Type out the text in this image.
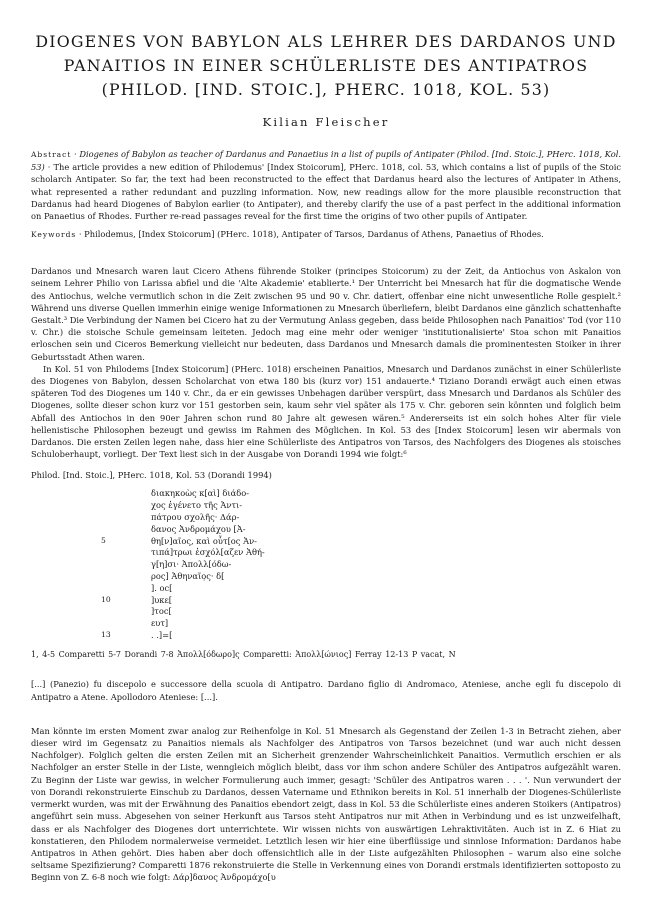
DIOGENES VON BABYLON ALS LEHRER DES DARDANOS UND PANAITIOS IN EINER SCHÜLERLISTE DES ANTIPATROS (PHILOD. [IND. STOIC.], PHERC. 1018, KOL. 53)
Kilian Fleischer
Abstract · Diogenes of Babylon as teacher of Dardanus and Panaetius in a list of pupils of Antipater (Philod. [Ind. Stoic.], PHerc. 1018, Kol. 53) · The article provides a new edition of Philodemus' [Index Stoicorum], PHerc. 1018, col. 53, which contains a list of pupils of the Stoic scholarch Antipater. So far, the text had been reconstructed to the effect that Dardanus heard also the lectures of Antipater in Athens, what represented a rather redundant and puzzling information. Now, new readings allow for the more plausible reconstruction that Dardanus had heard Diogenes of Babylon earlier (to Antipater), and thereby clarify the use of a past perfect in the additional information on Panaetius of Rhodes. Further re-read passages reveal for the first time the origins of two other pupils of Antipater.
Keywords · Philodemus, [Index Stoicorum] (PHerc. 1018), Antipater of Tarsos, Dardanus of Athens, Panaetius of Rhodes.

Dardanos und Mnesarch waren laut Cicero Athens führende Stoiker (principes Stoicorum) zu der Zeit, da Antiochus von Askalon von seinem Lehrer Philio von Larissa abfiel und die 'Alte Akademie' etablierte.¹ Der Unterricht bei Mnesarch hat für die dogmatische Wende des Antiochus, welche vermutlich schon in die Zeit zwischen 95 und 90 v. Chr. datiert, offenbar eine nicht unwesentliche Rolle gespielt.² Während uns diverse Quellen immerhin einige wenige Informationen zu Mnesarch überliefern, bleibt Dardanos eine gänzlich schattenhafte Gestalt.³ Die Verbindung der Namen bei Cicero hat zu der Vermutung Anlass gegeben, dass beide Philosophen nach Panaitios' Tod (vor 110 v. Chr.) die stoische Schule gemeinsam leiteten. Jedoch mag eine mehr oder weniger 'institutionalisierte' Stoa schon mit Panaitios erloschen sein und Ciceros Bemerkung vielleicht nur bedeuten, dass Dardanos und Mnesarch damals die prominentesten Stoiker in ihrer Geburtsstadt Athen waren.

In Kol. 51 von Philodems [Index Stoicorum] (PHerc. 1018) erscheinen Panaitios, Mnesarch und Dardanos zunächst in einer Schülerliste des Diogenes von Babylon, dessen Scholarchat von etwa 180 bis (kurz vor) 151 andauerte.⁴ Tiziano Dorandi erwägt auch einen etwas späteren Tod des Diogenes um 140 v. Chr., da er ein gewisses Unbehagen darüber verspürt, dass Mnesarch und Dardanos als Schüler des Diogenes, sollte dieser schon kurz vor 151 gestorben sein, kaum sehr viel später als 175 v. Chr. geboren sein könnten und folglich beim Abfall des Antiochos in den 90er Jahren schon rund 80 Jahre alt gewesen wären.⁵ Andererseits ist ein solch hohes Alter für viele hellenistische Philosophen bezeugt und gewiss im Rahmen des Möglichen. In Kol. 53 des [Index Stoicorum] lesen wir abermals von Dardanos. Die ersten Zeilen legen nahe, dass hier eine Schülerliste des Antipatros von Tarsos, des Nachfolgers des Diogenes als stoisches Schuloberhaupt, vorliegt. Der Text liest sich in der Ausgabe von Dorandi 1994 wie folgt:⁶

Philod. [Ind. Stoic.], PHerc. 1018, Kol. 53 (Dorandi 1994)
διακηκοὼς κ[αὶ] διάδο-
χος ἐγένετο τῆς Ἀντι-
πάτρου σχολῆς· Δάρ-
δανος Ἀνδρομάχου [Ἀ-
5	θη[ν]αῖος, καὶ οὗτ[ος Ἀν-
τιπά]τρωι ἐσχόλ[αζεν Ἀθή-
γ[η]σι· Ἀπολλ[όδω-
ρος] Ἀθηναῖο̣ς· δ[
]. οc[
10	]υκε[
]τοc[
ευτ]
13	. .]=[
1, 4-5 Comparetti 5-7 Dorandi 7-8 Ἀπολλ[όδωρο]ς Comparetti: Ἀπολλ[ώνιος] Ferray 12-13 P vacat, N
[...] (Panezio) fu discepolo e successore della scuola di Antipatro. Dardano figlio di Andromaco, Ateniese, anche egli fu discepolo di Antipatro a Atene. Apollodoro Ateniese: [...].
Man könnte im ersten Moment zwar analog zur Reihenfolge in Kol. 51 Mnesarch als Gegenstand der Zeilen 1-3 in Betracht ziehen, aber dieser wird im Gegensatz zu Panaitios niemals als Nachfolger des Antipatros von Tarsos bezeichnet (und war auch nicht dessen Nachfolger). Folglich gelten die ersten Zeilen mit an Sicherheit grenzender Wahrscheinlichkeit Panaitios. Vermutlich erschien er als Nachfolger an erster Stelle in der Liste, wenngleich möglich bleibt, dass vor ihm schon andere Schüler des Antipatros aufgezählt waren. Zu Beginn der Liste war gewiss, in welcher Formulierung auch immer, gesagt: 'Schüler des Antipatros waren . . . '. Nun verwundert der von Dorandi rekonstruierte Einschub zu Dardanos, dessen Vatername und Ethnikon bereits in Kol. 51 innerhalb der Diogenes-Schülerliste vermerkt wurden, was mit der Erwähnung des Panaitios ebendort zeigt, dass in Kol. 53 die Schülerliste eines anderen Stoikers (Antipatros) angeführt sein muss. Abgesehen von seiner Herkunft aus Tarsos steht Antipatros nur mit Athen in Verbindung und es ist unzweifelhaft, dass er als Nachfolger des Diogenes dort unterrichtete. Wir wissen nichts von auswärtigen Lehraktivitäten. Auch ist in Z. 6 Hiat zu konstatieren, den Philodem normalerweise vermeidet. Letztlich lesen wir hier eine überflüssige und sinnlose Information: Dardanos habe Antipatros in Athen gehört. Dies haben aber doch offensichtlich alle in der Liste aufgezählten Philosophen – warum also eine solche seltsame Spezifizierung? Comparetti 1876 rekonstruierte die Stelle in Verkennung eines von Dorandi erstmals identifizierten sottoposto zu Beginn von Z. 6-8 noch wie folgt: Δάρ]δανος Ἀνδρομάχο[υ
